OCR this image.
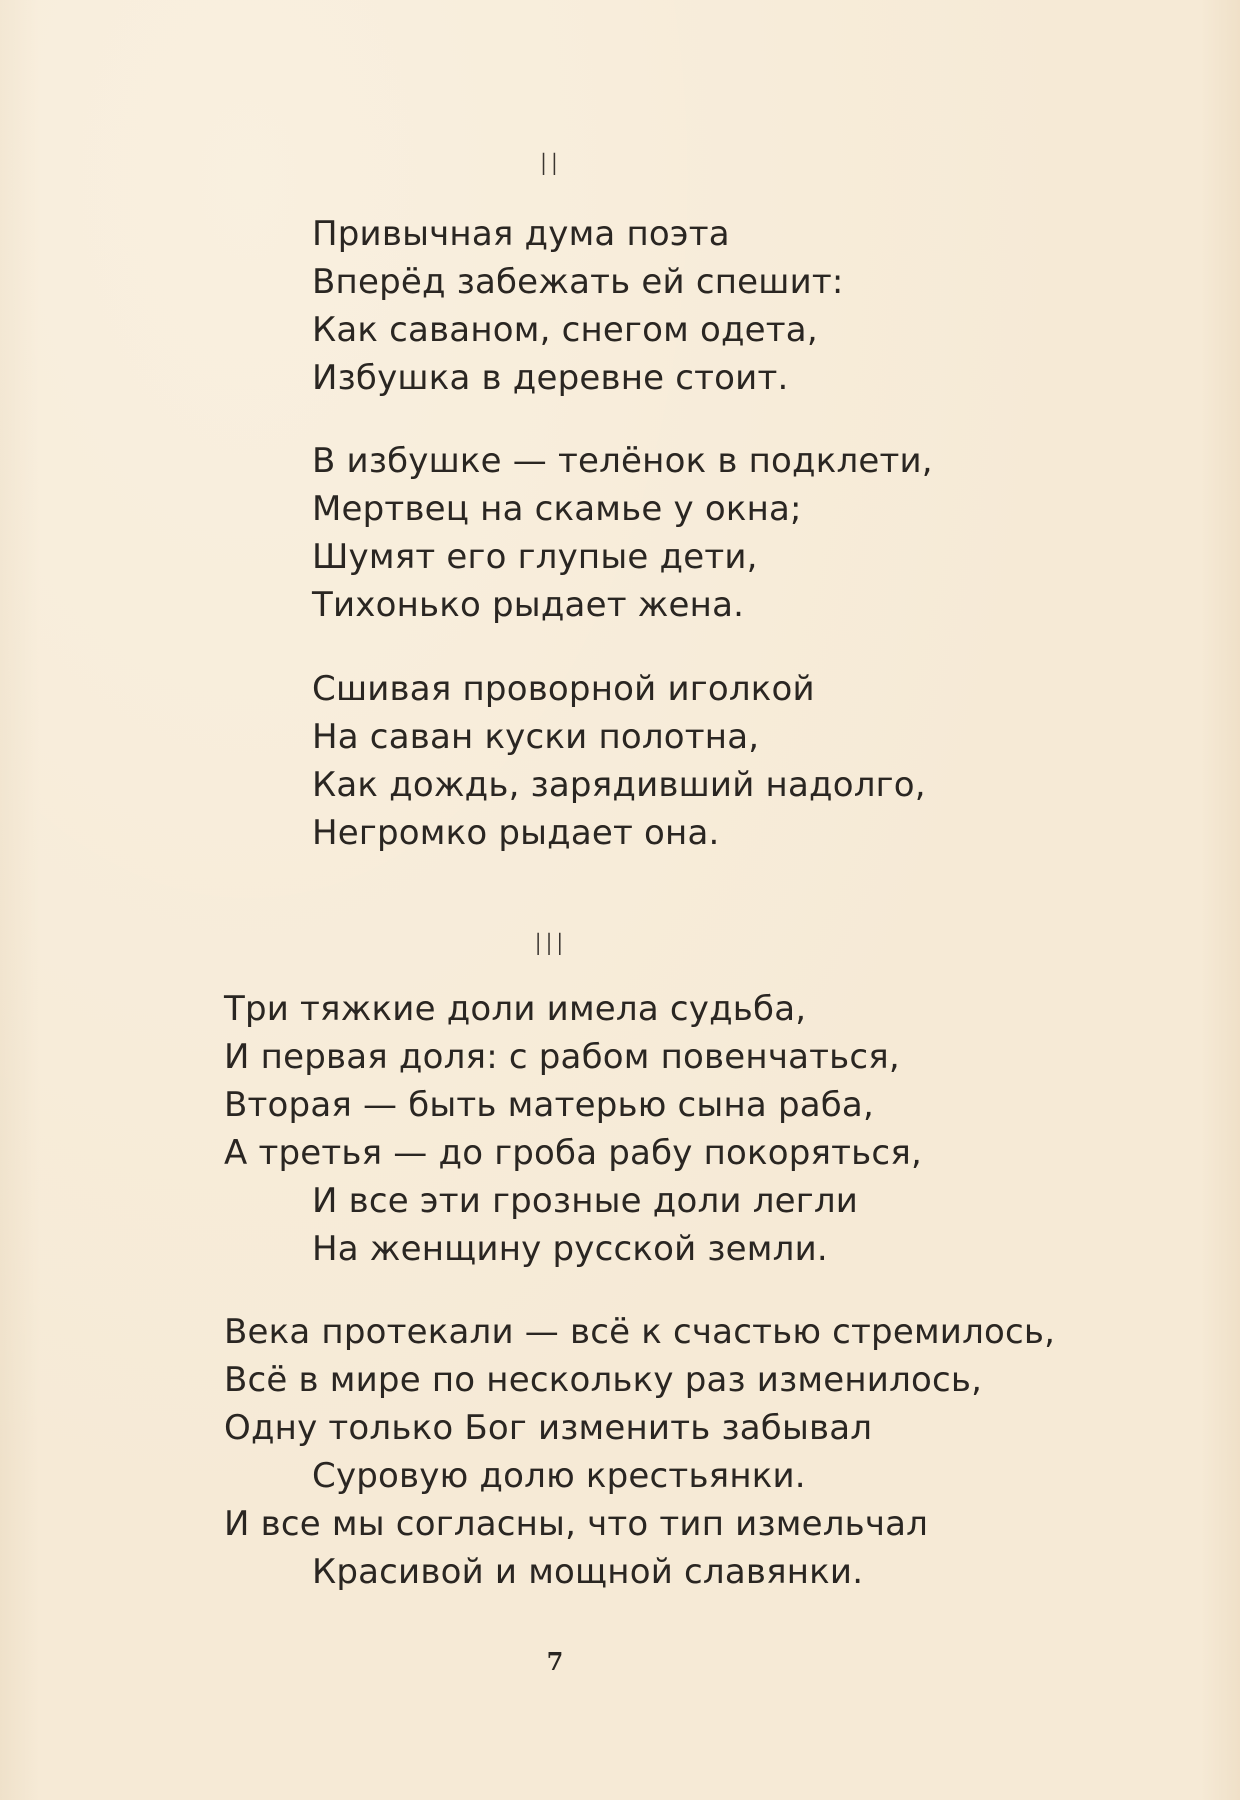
II
Привычная дума поэта
Вперёд забежать ей спешит:
Как саваном, снегом одета,
Избушка в деревне стоит.
В избушке — телёнок в подклети,
Мертвец на скамье у окна;
Шумят его глупые дети,
Тихонько рыдает жена.
Сшивая проворной иголкой
На саван куски полотна,
Как дождь, зарядивший надолго,
Негромко рыдает она.
III
Три тяжкие доли имела судьба,
И первая доля: с рабом повенчаться,
Вторая — быть матерью сына раба,
А третья — до гроба рабу покоряться,
И все эти грозные доли легли
На женщину русской земли.
Века протекали — всё к счастью стремилось,
Всё в мире по нескольку раз изменилось,
Одну только Бог изменить забывал
Суровую долю крестьянки.
И все мы согласны, что тип измельчал
Красивой и мощной славянки.
7
